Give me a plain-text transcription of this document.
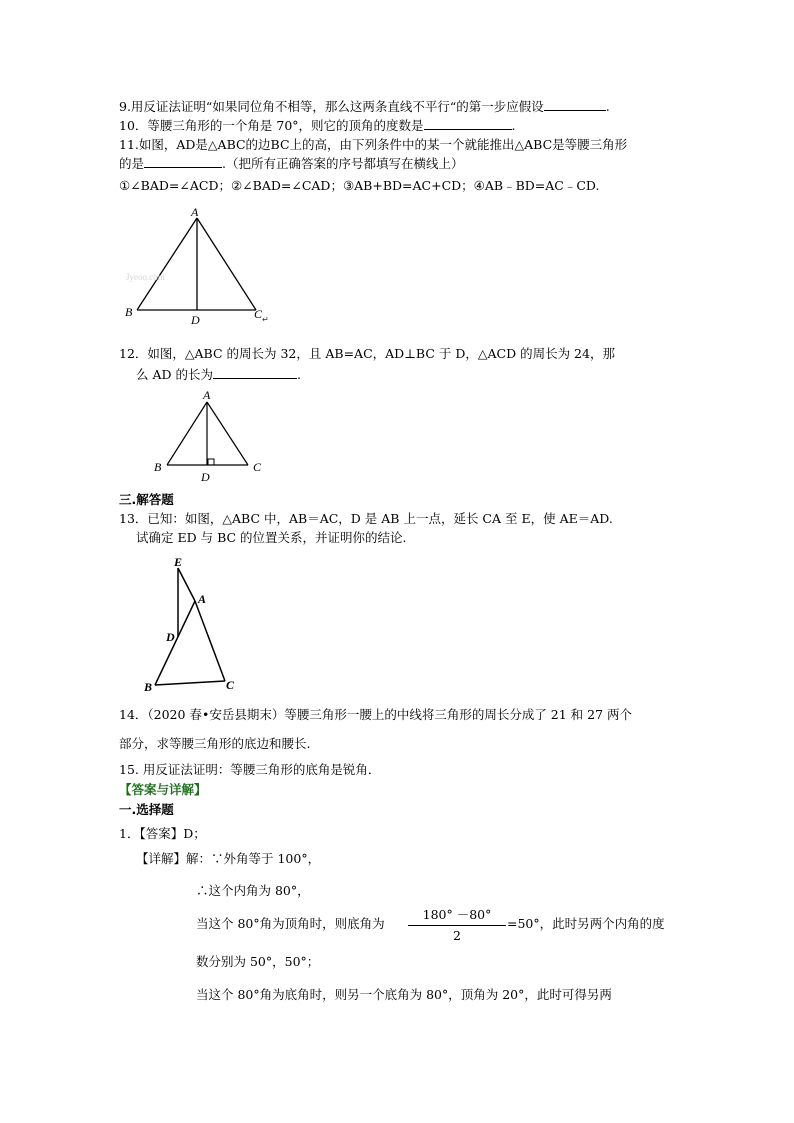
9.用反证法证明“如果同位角不相等，那么这两条直线不平行“的第一步应假设	.
10．等腰三角形的一个角是 70°，则它的顶角的度数是	.
11.如图，AD是△ABC的边BC上的高，由下列条件中的某一个就能推出△ABC是等腰三角形
的是	.（把所有正确答案的序号都填写在横线上）
①∠BAD=∠ACD；②∠BAD=∠CAD；③AB+BD=AC+CD；④AB﹣BD=AC﹣CD.
A
B	C
D
Jyeoo.com
↵
12．如图，△ABC 的周长为 32，且 AB=AC，AD⊥BC 于 D，△ACD 的周长为 24，那
么 AD 的长为	.
A
B	C
D
三.解答题
13．已知：如图，△ABC 中，AB＝AC，D 是 AB 上一点，延长 CA 至 E，使 AE＝AD.
试确定 ED 与 BC 的位置关系，并证明你的结论.
E
A
D
B	C
14．（2020 春•安岳县期末）等腰三角形一腰上的中线将三角形的周长分成了 21 和 27 两个
部分，求等腰三角形的底边和腰长.
15. 用反证法证明：等腰三角形的底角是锐角．
【答案与详解】
一.选择题
1．【答案】D；
【详解】解：∵外角等于 100°，
∴这个内角为 80°，
当这个 80°角为顶角时，则底角为
180° －80°
2
=50°，此时另两个内角的度
数分别为 50°，50°；
当这个 80°角为底角时，则另一个底角为 80°，顶角为 20°，此时可得另两
